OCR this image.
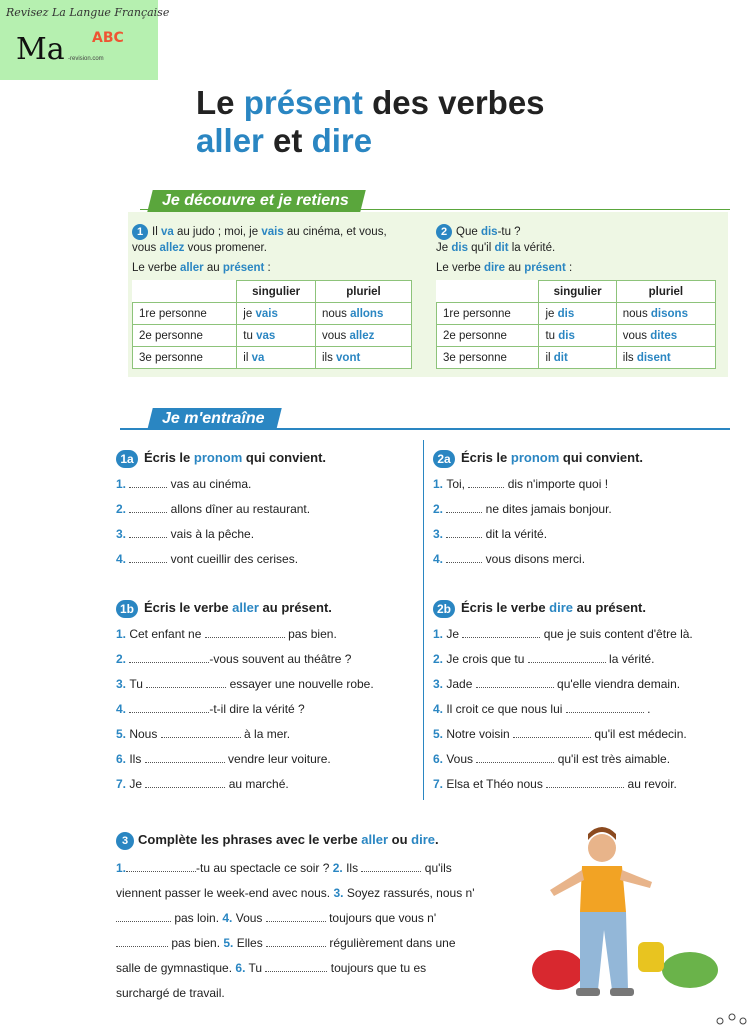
Revisez La Langue Française
Ma ABC
-revision.com
Le présent des verbes
aller et dire
Je découvre et je retiens
1 Il va au judo ; moi, je vais au cinéma, et vous,
vous allez vous promener.
Le verbe aller au présent :
	singulier	pluriel
1re personne	je vais	nous allons
2e personne	tu vas	vous allez
3e personne	il va	ils vont
2 Que dis-tu ?
Je dis qu'il dit la vérité.
Le verbe dire au présent :
	singulier	pluriel
1re personne	je dis	nous disons
2e personne	tu dis	vous dites
3e personne	il dit	ils disent
Je m'entraîne
1a Écris le pronom qui convient.
1.	vas au cinéma.
2.	allons dîner au restaurant.
3.	vais à la pêche.
4.	vont cueillir des cerises.
2a Écris le pronom qui convient.
1. Toi,	dis n'importe quoi !
2.	ne dites jamais bonjour.
3.	dit la vérité.
4.	vous disons merci.
1b Écris le verbe aller au présent.
1. Cet enfant ne	pas bien.
2.	-vous souvent au théâtre ?
3. Tu	essayer une nouvelle robe.
4.	-t-il dire la vérité ?
5. Nous	à la mer.
6. Ils	vendre leur voiture.
7. Je	au marché.
2b Écris le verbe dire au présent.
1. Je	que je suis content d'être là.
2. Je crois que tu	la vérité.
3. Jade	qu'elle viendra demain.
4. Il croit ce que nous lui	.
5. Notre voisin	qu'il est médecin.
6. Vous	qu'il est très aimable.
7. Elsa et Théo nous	au revoir.
3 Complète les phrases avec le verbe aller ou dire.
1.	-tu au spectacle ce soir ? 2. Ils	qu'ils viennent passer le week-end avec nous. 3. Soyez rassurés, nous n' pas loin. 4. Vous	toujours que vous n' pas bien. 5. Elles	régulièrement dans une salle de gymnastique. 6. Tu	toujours que tu es surchargé de travail.
